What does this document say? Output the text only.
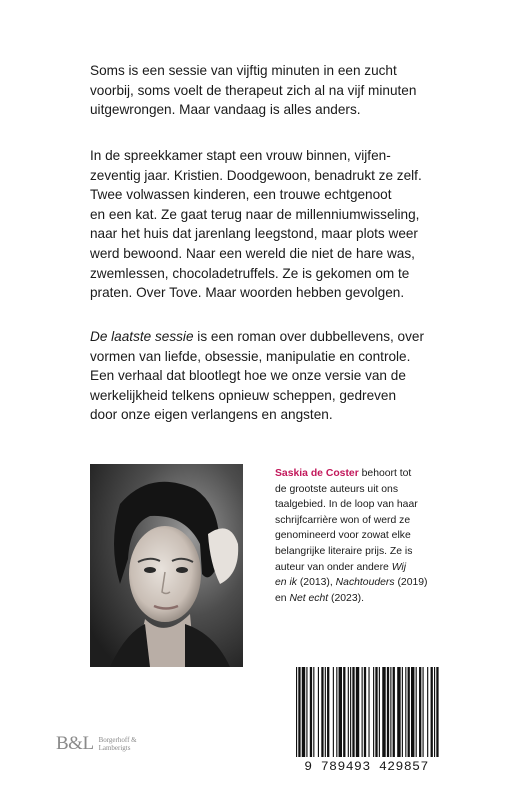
Soms is een sessie van vijftig minuten in een zucht
voorbij, soms voelt de therapeut zich al na vijf minuten
uitgewrongen. Maar vandaag is alles anders.
In de spreekkamer stapt een vrouw binnen, vijfen-
zeventig jaar. Kristien. Doodgewoon, benadrukt ze zelf.
Twee volwassen kinderen, een trouwe echtgenoot
en een kat. Ze gaat terug naar de millenniumwisseling,
naar het huis dat jarenlang leegstond, maar plots weer
werd bewoond. Naar een wereld die niet de hare was,
zwemlessen, chocoladetruffels. Ze is gekomen om te
praten. Over Tove. Maar woorden hebben gevolgen.
De laatste sessie is een roman over dubbellevens, over
vormen van liefde, obsessie, manipulatie en controle.
Een verhaal dat blootlegt hoe we onze versie van de
werkelijkheid telkens opnieuw scheppen, gedreven
door onze eigen verlangens en angsten.
Saskia de Coster behoort tot
de grootste auteurs uit ons
taalgebied. In de loop van haar
schrijfcarrière won of werd ze
genomineerd voor zowat elke
belangrijke literaire prijs. Ze is
auteur van onder andere Wij
en ik (2013), Nachtouders (2019)
en Net echt (2023).
9 789493 429857
B&L Borgerhoff &
Lamberigts
